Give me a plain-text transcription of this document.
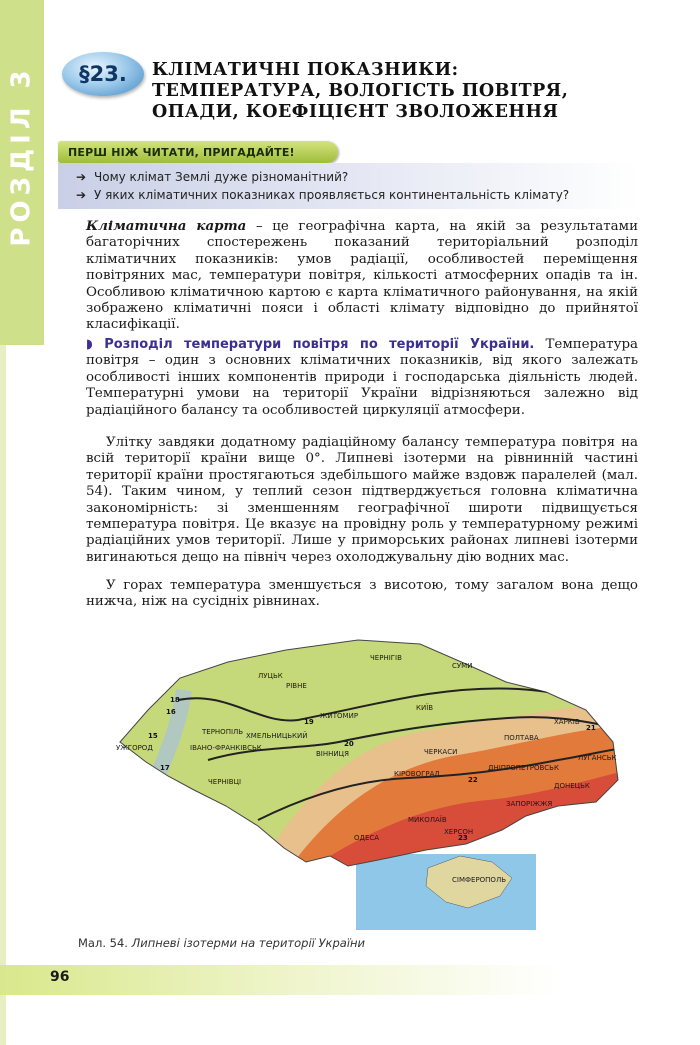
РОЗДІЛ 3 §23. КЛІМАТИЧНІ ПОКАЗНИКИ: ТЕМПЕРАТУРА, ВОЛОГІСТЬ ПОВІТРЯ, ОПАДИ, КОЕФІЦІЄНТ ЗВОЛОЖЕННЯ
ПЕРШ НІЖ ЧИТАТИ, ПРИГАДАЙТЕ!
➔ Чому клімат Землі дуже різноманітний?
➔ У яких кліматичних показниках проявляється континентальність клімату?

Кліматична карта – це географічна карта, на якій за результатами багаторічних спостережень показаний територіальний розподіл кліматичних показників: умов радіації, особливостей переміщення повітряних мас, температури повітря, кількості атмосферних опадів та ін. Особливою кліматичною картою є карта кліматичного районування, на якій зображено кліматичні пояси і області клімату відповідно до прийнятої класифікації.

◗ Розподіл температури повітря по території України. Температура повітря – один з основних кліматичних показників, від якого залежать особливості інших компонентів природи і господарська діяльність людей. Температурні умови на території України відрізняються залежно від радіаційного балансу та особливостей циркуляції атмосфери.

Улітку завдяки додатному радіаційному балансу температура повітря на всій території країни вище 0°. Липневі ізотерми на рівнинній частині території країни простягаються здебільшого майже вздовж паралелей (мал. 54). Таким чином, у теплий сезон підтверджується головна кліматична закономірність: зі зменшенням географічної широти підвищується температура повітря. Це вказує на провідну роль у температурному режимі радіаційних умов території. Лише у приморських районах липневі ізотерми вигинаються дещо на північ через охолоджувальну дію водних мас.

У горах температура зменшується з висотою, тому загалом вона дещо нижча, ніж на сусідніх рівнинах.

ЛУЦЬК
РІВНЕ
ЖИТОМИР
ЧЕРНІГІВ
СУМИ
КИЇВ
ХАРКІВ
ЛУГАНСЬК
ТЕРНОПІЛЬ ХМЕЛЬНИЦЬКИЙ
ВІННИЦЯ	ЧЕРКАСИ
ПОЛТАВА
ДНІПРОПЕТРОВСЬК
ДОНЕЦЬК
ЗАПОРІЖЖЯ
ІВАНО-ФРАНКІВСЬК
УЖГОРОД
ЧЕРНІВЦІ
КІРОВОГРАД
МИКОЛАЇВ
ОДЕСА
ХЕРСОН
СІМФЕРОПОЛЬ
15
16
17
18
19
20
21
22
23
Мал. 54. Липневі ізотерми на території України
96
